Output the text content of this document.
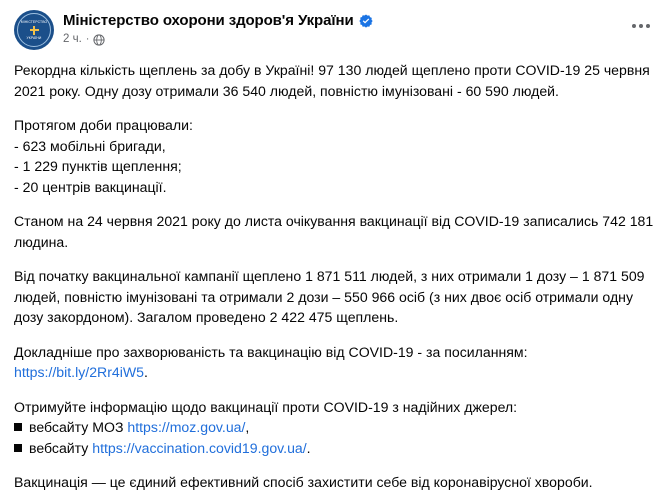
МІНІСТЕРСТВО
УКРАЇНИ
Міністерство охорони здоров'я України
2 ч. ·

Рекордна кількість щеплень за добу в Україні! 97 130 людей щеплено проти COVID-19 25 червня 2021 року. Одну дозу отримали 36 540 людей, повністю імунізовані - 60 590 людей.

Протягом доби працювали:

- 623 мобільні бригади,

- 1 229 пунктів щеплення;

- 20 центрів вакцинації.

Станом на 24 червня 2021 року до листа очікування вакцинації від COVID-19 записались 742 181 людина.

Від початку вакцинальної кампанії щеплено 1 871 511 людей, з них отримали 1 дозу – 1 871 509 людей, повністю імунізовані та отримали 2 дози – 550 966 осіб (з них двоє осіб отримали одну дозу закордоном). Загалом проведено 2 422 475 щеплень.

Докладніше про захворюваність та вакцинацію від COVID-19 - за посиланням:
https://bit.ly/2Rr4iW5.

Отримуйте інформацію щодо вакцинації проти COVID-19 з надійних джерел:

вебсайту МОЗ https://moz.gov.ua/,

вебсайту https://vaccination.covid19.gov.ua/.

Вакцинація — це єдиний ефективний спосіб захистити себе від коронавірусної хвороби.
